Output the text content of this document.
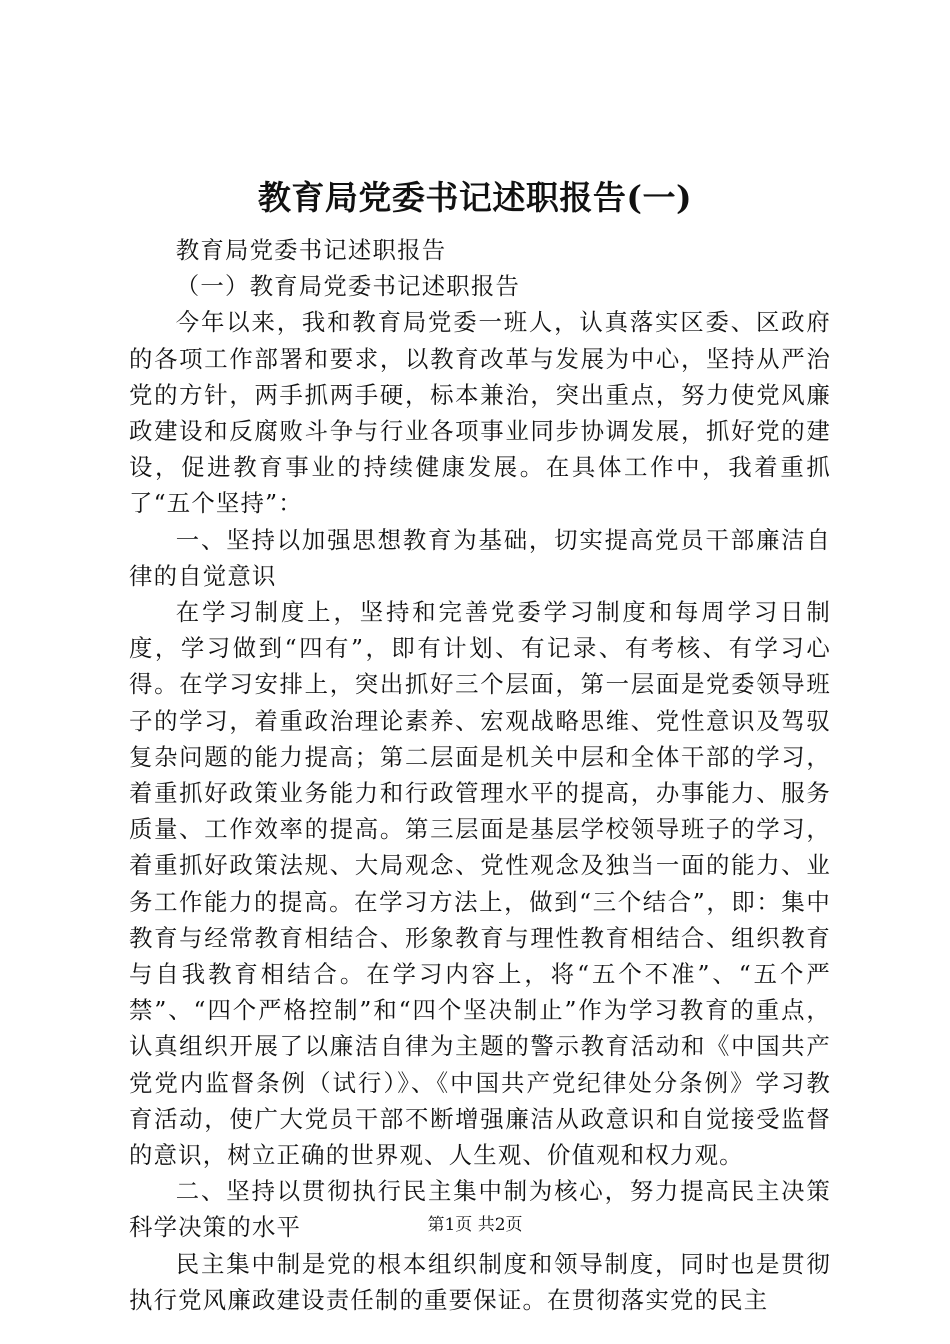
教育局党委书记述职报告(一)

教育局党委书记述职报告

（一）教育局党委书记述职报告

今年以来，我和教育局党委一班人，认真落实区委、区政府的各项工作部署和要求，以教育改革与发展为中心，坚持从严治党的方针，两手抓两手硬，标本兼治，突出重点，努力使党风廉政建设和反腐败斗争与行业各项事业同步协调发展，抓好党的建设，促进教育事业的持续健康发展。在具体工作中，我着重抓了“五个坚持”：

一、坚持以加强思想教育为基础，切实提高党员干部廉洁自律的自觉意识

在学习制度上，坚持和完善党委学习制度和每周学习日制度，学习做到“四有”，即有计划、有记录、有考核、有学习心得。在学习安排上，突出抓好三个层面，第一层面是党委领导班子的学习，着重政治理论素养、宏观战略思维、党性意识及驾驭复杂问题的能力提高；第二层面是机关中层和全体干部的学习，着重抓好政策业务能力和行政管理水平的提高，办事能力、服务质量、工作效率的提高。第三层面是基层学校领导班子的学习，着重抓好政策法规、大局观念、党性观念及独当一面的能力、业务工作能力的提高。在学习方法上，做到“三个结合”，即：集中教育与经常教育相结合、形象教育与理性教育相结合、组织教育与自我教育相结合。在学习内容上，将“五个不准”、“五个严禁”、“四个严格控制”和“四个坚决制止”作为学习教育的重点，认真组织开展了以廉洁自律为主题的警示教育活动和《中国共产党党内监督条例（试行）》、《中国共产党纪律处分条例》学习教育活动，使广大党员干部不断增强廉洁从政意识和自觉接受监督的意识，树立正确的世界观、人生观、价值观和权力观。

二、坚持以贯彻执行民主集中制为核心，努力提高民主决策科学决策的水平

民主集中制是党的根本组织制度和领导制度，同时也是贯彻执行党风廉政建设责任制的重要保证。在贯彻落实党的民主

第1页 共2页
